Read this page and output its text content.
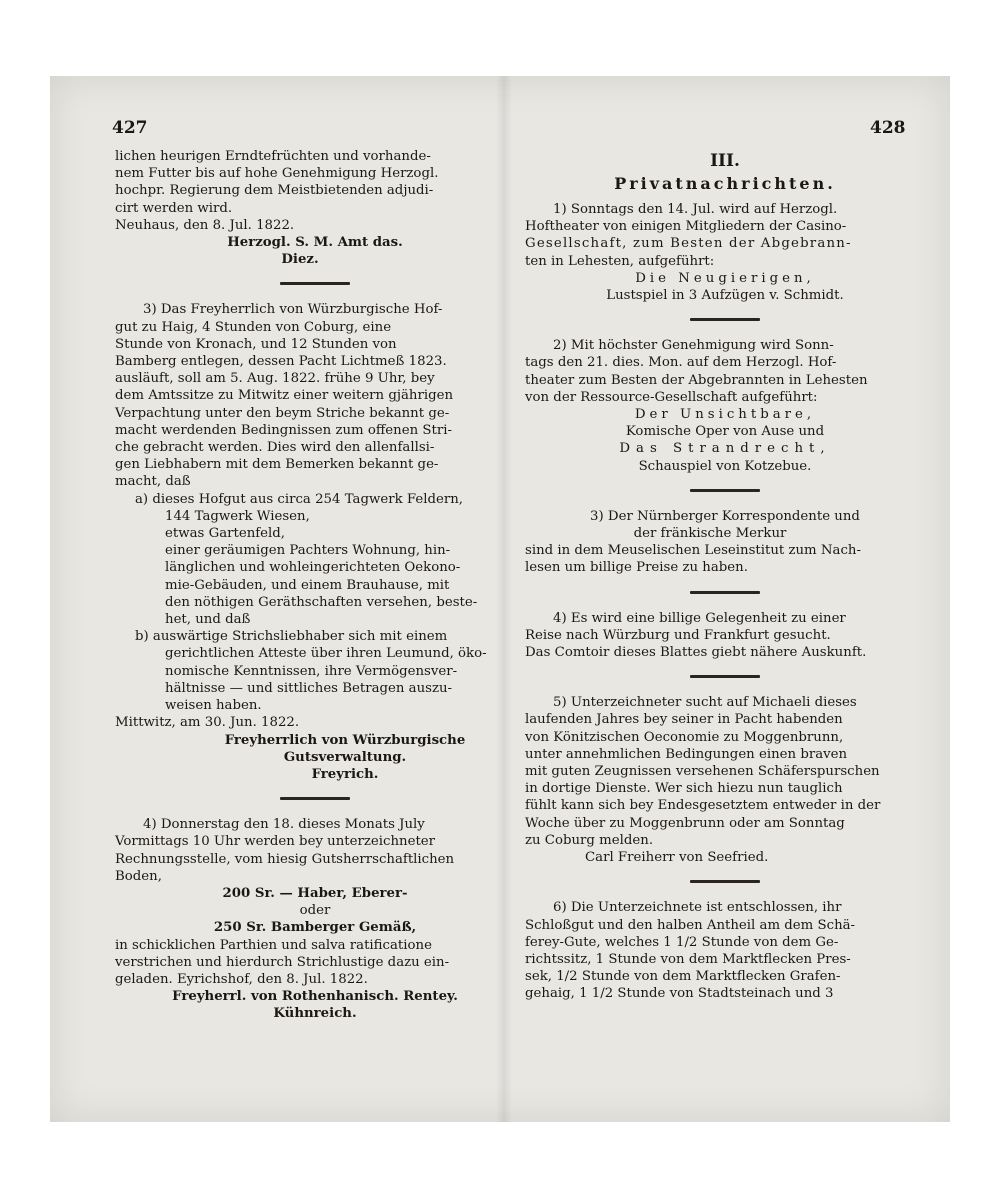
427	428

lichen heurigen Erndtefrüchten und vorhande-

nem Futter bis auf hohe Genehmigung Herzogl.

hochpr. Regierung dem Meistbietenden adjudi-

cirt werden wird.

Neuhaus, den 8. Jul. 1822.

Herzogl. S. M. Amt das.

Diez.

3) Das Freyherrlich von Würzburgische Hof-

gut zu Haig, 4 Stunden von Coburg, eine

Stunde von Kronach, und 12 Stunden von

Bamberg entlegen, dessen Pacht Lichtmeß 1823.

ausläuft, soll am 5. Aug. 1822. frühe 9 Uhr, bey

dem Amtssitze zu Mitwitz einer weitern gjährigen

Verpachtung unter den beym Striche bekannt ge-

macht werdenden Bedingnissen zum offenen Stri-

che gebracht werden. Dies wird den allenfallsi-

gen Liebhabern mit dem Bemerken bekannt ge-

macht, daß

a) dieses Hofgut aus circa 254 Tagwerk Feldern,

144 Tagwerk Wiesen,

etwas Gartenfeld,

einer geräumigen Pachters Wohnung, hin-

länglichen und wohleingerichteten Oekono-

mie-Gebäuden, und einem Brauhause, mit

den nöthigen Geräthschaften versehen, beste-

het, und daß

b) auswärtige Strichsliebhaber sich mit einem

gerichtlichen Atteste über ihren Leumund, öko-

nomische Kenntnissen, ihre Vermögensver-

hältnisse — und sittliches Betragen auszu-

weisen haben.

Mittwitz, am 30. Jun. 1822.

Freyherrlich von Würzburgische

Gutsverwaltung.

Freyrich.

4) Donnerstag den 18. dieses Monats July

Vormittags 10 Uhr werden bey unterzeichneter

Rechnungsstelle, vom hiesig Gutsherrschaftlichen

Boden,

200 Sr. — Haber, Eberer-

oder

250 Sr. Bamberger Gemäß,

in schicklichen Parthien und salva ratificatione

verstrichen und hierdurch Strichlustige dazu ein-

geladen. Eyrichshof, den 8. Jul. 1822.

Freyherrl. von Rothenhanisch. Rentey.

Kühnreich.

III.

Privatnachrichten.

1) Sonntags den 14. Jul. wird auf Herzogl.

Hoftheater von einigen Mitgliedern der Casino-

Gesellschaft, zum Besten der Abgebrann-

ten in Lehesten, aufgeführt:

Die Neugierigen,

Lustspiel in 3 Aufzügen v. Schmidt.

2) Mit höchster Genehmigung wird Sonn-

tags den 21. dies. Mon. auf dem Herzogl. Hof-

theater zum Besten der Abgebrannten in Lehesten

von der Ressource-Gesellschaft aufgeführt:

Der Unsichtbare,

Komische Oper von Ause und

Das Strandrecht,

Schauspiel von Kotzebue.

3) Der Nürnberger Korrespondente und

der fränkische Merkur

sind in dem Meuselischen Leseinstitut zum Nach-

lesen um billige Preise zu haben.

4) Es wird eine billige Gelegenheit zu einer

Reise nach Würzburg und Frankfurt gesucht.

Das Comtoir dieses Blattes giebt nähere Auskunft.

5) Unterzeichneter sucht auf Michaeli dieses

laufenden Jahres bey seiner in Pacht habenden

von Könitzischen Oeconomie zu Moggenbrunn,

unter annehmlichen Bedingungen einen braven

mit guten Zeugnissen versehenen Schäferspurschen

in dortige Dienste. Wer sich hiezu nun tauglich

fühlt kann sich bey Endesgesetztem entweder in der

Woche über zu Moggenbrunn oder am Sonntag

zu Coburg melden.

Carl Freiherr von Seefried.

6) Die Unterzeichnete ist entschlossen, ihr

Schloßgut und den halben Antheil am dem Schä-

ferey-Gute, welches 1 1/2 Stunde von dem Ge-

richtssitz, 1 Stunde von dem Marktflecken Pres-

sek, 1/2 Stunde von dem Marktflecken Grafen-

gehaig, 1 1/2 Stunde von Stadtsteinach und 3
